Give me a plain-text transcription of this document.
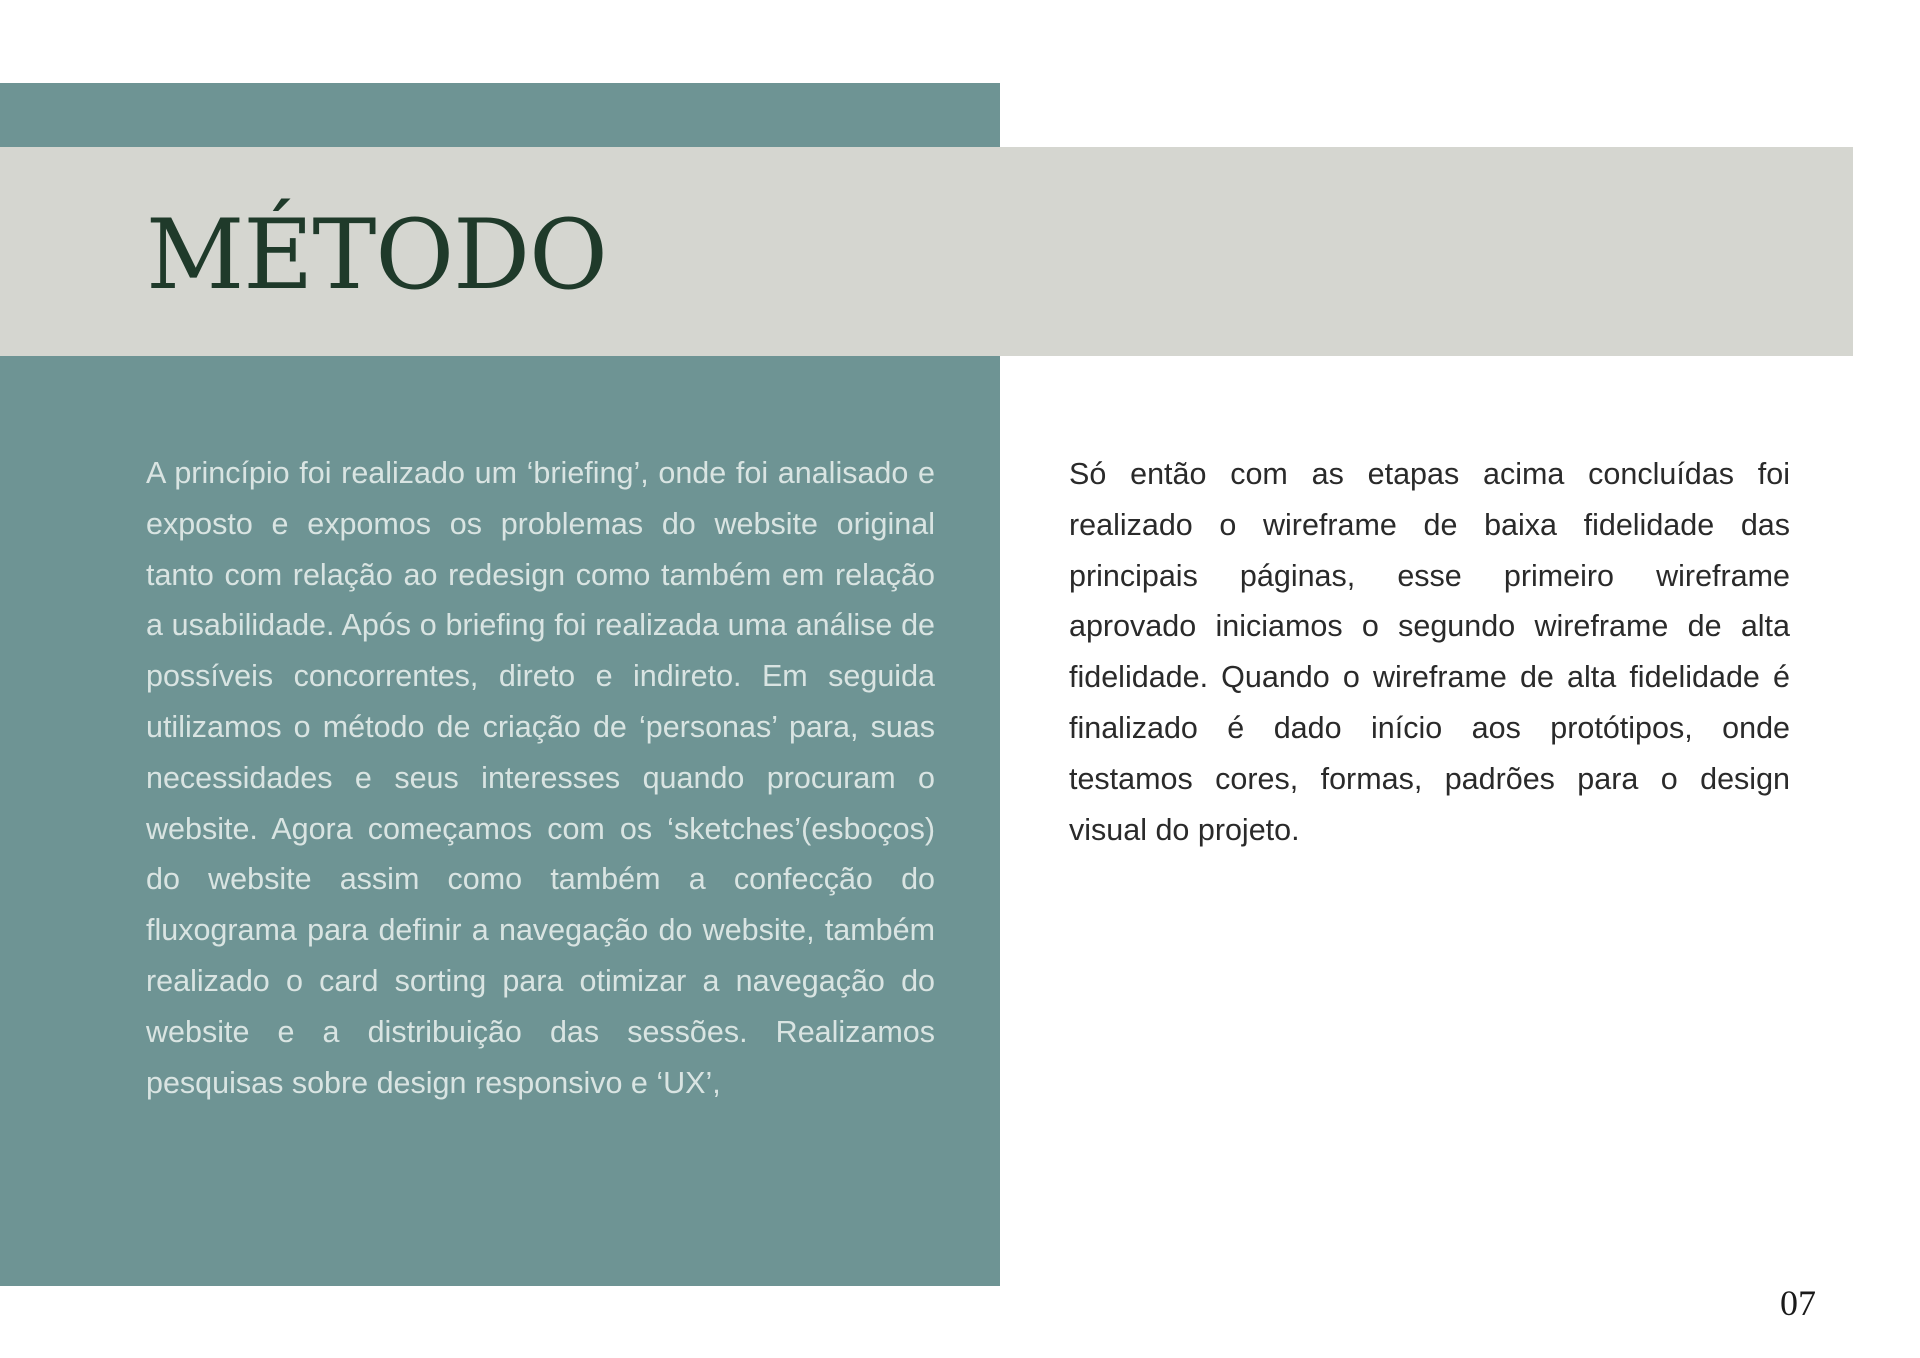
MÉTODO

A princípio foi realizado um ‘briefing’, onde foi analisado e exposto e expomos os problemas do website original tanto com relação ao redesign como também em relação a usabilidade. Após o briefing foi realizada uma análise de possíveis concorrentes, direto e indireto. Em seguida utilizamos o método de criação de ‘personas’ para, suas necessidades e seus interesses quando procuram o website. Agora começamos com os ‘sketches’(esboços) do website assim como também a confecção do fluxograma para definir a navegação do website, também realizado o card sorting para otimizar a navegação do website e a distribuição das sessões. Realizamos pesquisas sobre design responsivo e ‘UX’,

Só então com as etapas acima concluídas foi realizado o wireframe de baixa fidelidade das principais páginas, esse primeiro wireframe aprovado iniciamos o segundo wireframe de alta fidelidade. Quando o wireframe de alta fidelidade é finalizado é dado início aos protótipos, onde testamos cores, formas, padrões para o design visual do projeto.

07
